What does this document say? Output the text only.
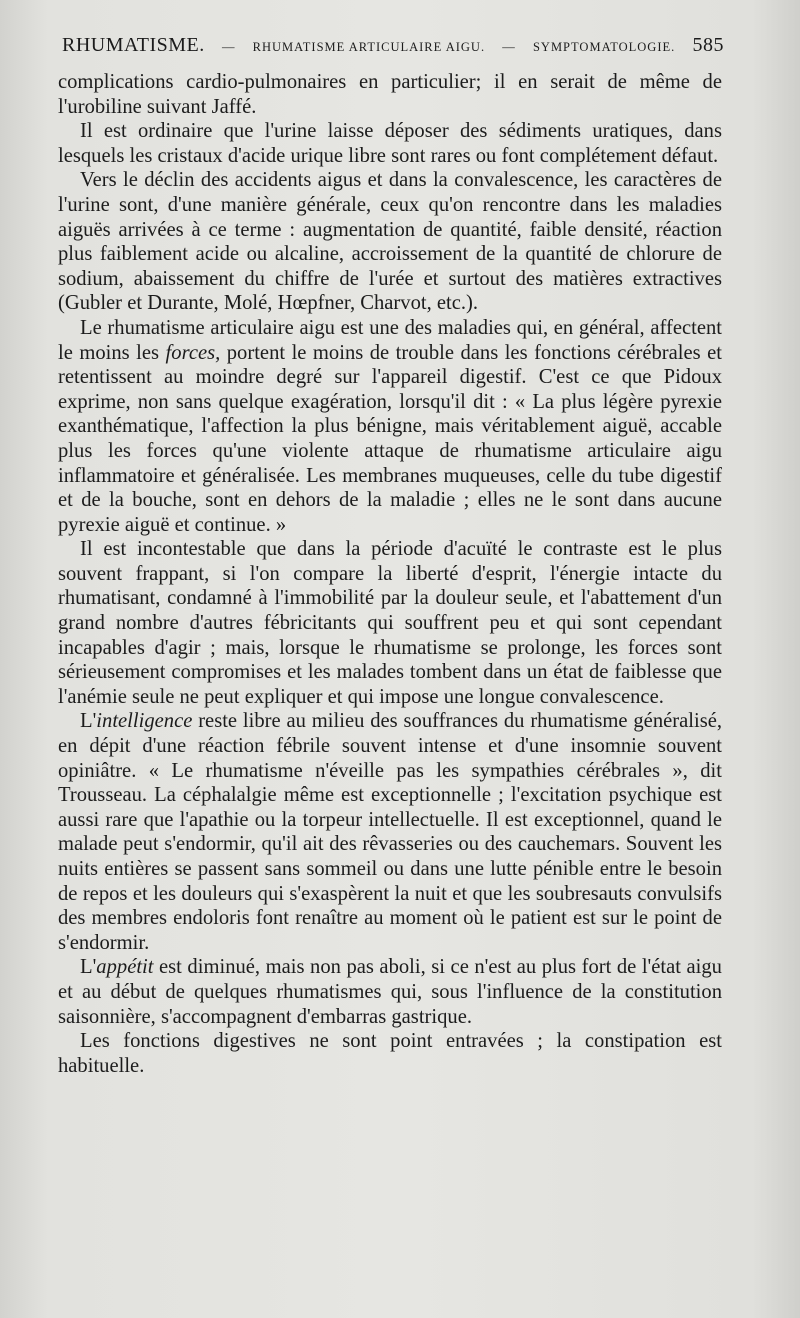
RHUMATISME. — RHUMATISME ARTICULAIRE AIGU. — SYMPTOMATOLOGIE. 585

complications cardio-pulmonaires en particulier; il en serait de même de l'urobiline suivant Jaffé.

Il est ordinaire que l'urine laisse déposer des sédiments uratiques, dans lesquels les cristaux d'acide urique libre sont rares ou font complétement défaut.

Vers le déclin des accidents aigus et dans la convalescence, les caractères de l'urine sont, d'une manière générale, ceux qu'on rencontre dans les maladies aiguës arrivées à ce terme : augmentation de quantité, faible densité, réaction plus faiblement acide ou alcaline, accroissement de la quantité de chlorure de sodium, abaissement du chiffre de l'urée et surtout des matières extractives (Gubler et Durante, Molé, Hœpfner, Charvot, etc.).

Le rhumatisme articulaire aigu est une des maladies qui, en général, affectent le moins les forces, portent le moins de trouble dans les fonctions cérébrales et retentissent au moindre degré sur l'appareil digestif. C'est ce que Pidoux exprime, non sans quelque exagération, lorsqu'il dit : « La plus légère pyrexie exanthématique, l'affection la plus bénigne, mais véritablement aiguë, accable plus les forces qu'une violente attaque de rhumatisme articulaire aigu inflammatoire et généralisée. Les membranes muqueuses, celle du tube digestif et de la bouche, sont en dehors de la maladie ; elles ne le sont dans aucune pyrexie aiguë et continue. »

Il est incontestable que dans la période d'acuïté le contraste est le plus souvent frappant, si l'on compare la liberté d'esprit, l'énergie intacte du rhumatisant, condamné à l'immobilité par la douleur seule, et l'abattement d'un grand nombre d'autres fébricitants qui souffrent peu et qui sont cependant incapables d'agir ; mais, lorsque le rhumatisme se prolonge, les forces sont sérieusement compromises et les malades tombent dans un état de faiblesse que l'anémie seule ne peut expliquer et qui impose une longue convalescence.

L'intelligence reste libre au milieu des souffrances du rhumatisme généralisé, en dépit d'une réaction fébrile souvent intense et d'une insomnie souvent opiniâtre. « Le rhumatisme n'éveille pas les sympathies cérébrales », dit Trousseau. La céphalalgie même est exceptionnelle ; l'excitation psychique est aussi rare que l'apathie ou la torpeur intellectuelle. Il est exceptionnel, quand le malade peut s'endormir, qu'il ait des rêvasseries ou des cauchemars. Souvent les nuits entières se passent sans sommeil ou dans une lutte pénible entre le besoin de repos et les douleurs qui s'exaspèrent la nuit et que les soubresauts convulsifs des membres endoloris font renaître au moment où le patient est sur le point de s'endormir.

L'appétit est diminué, mais non pas aboli, si ce n'est au plus fort de l'état aigu et au début de quelques rhumatismes qui, sous l'influence de la constitution saisonnière, s'accompagnent d'embarras gastrique.

Les fonctions digestives ne sont point entravées ; la constipation est habituelle.
